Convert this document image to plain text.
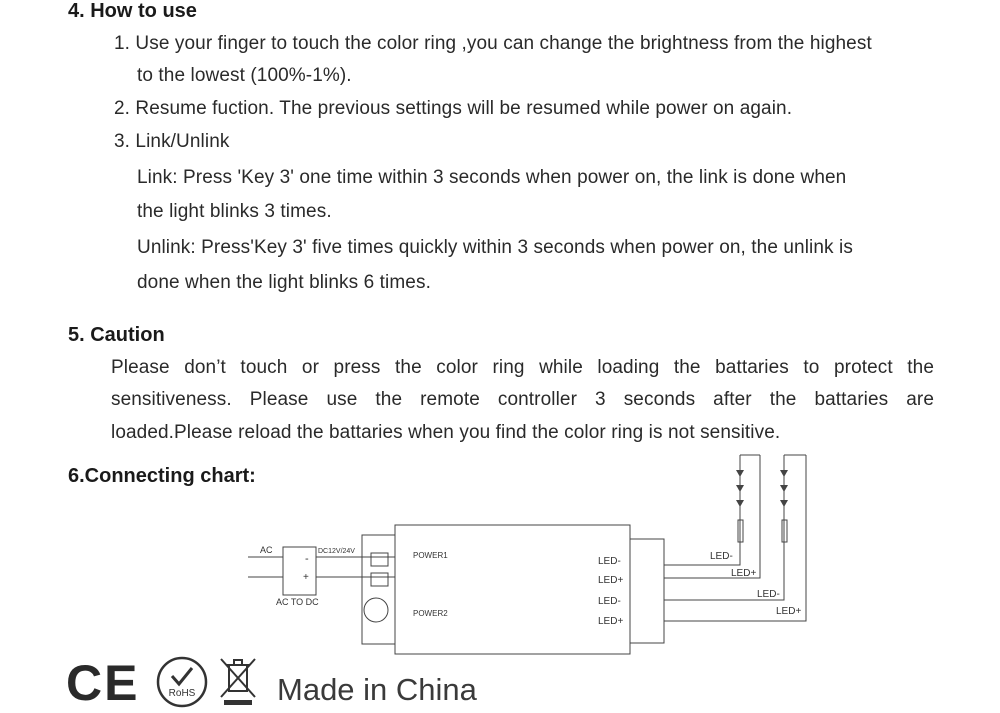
4. How to use
1. Use your finger to touch the color ring ,you can change the brightness from the highest
to the lowest (100%-1%).
2. Resume fuction. The previous settings will be resumed while power on again.
3. Link/Unlink
Link: Press 'Key 3' one time within 3 seconds when power on, the link is done when
the light blinks 3 times.
Unlink: Press'Key 3' five times quickly within 3 seconds when power on, the unlink is
done when the light blinks 6 times.
5. Caution
Please don’t touch or press the color ring while loading the battaries to protect the
sensitiveness. Please use the remote controller 3 seconds after the battaries are
loaded.Please reload the battaries when you find the color ring is not sensitive.
6.Connecting chart:
AC	DC12V/24V
-
+
AC TO DC
POWER1
POWER2
LED-
LED+
LED-
LED+
LED-
LED+
LED-
LED+
CE	RoHS	Made in China
